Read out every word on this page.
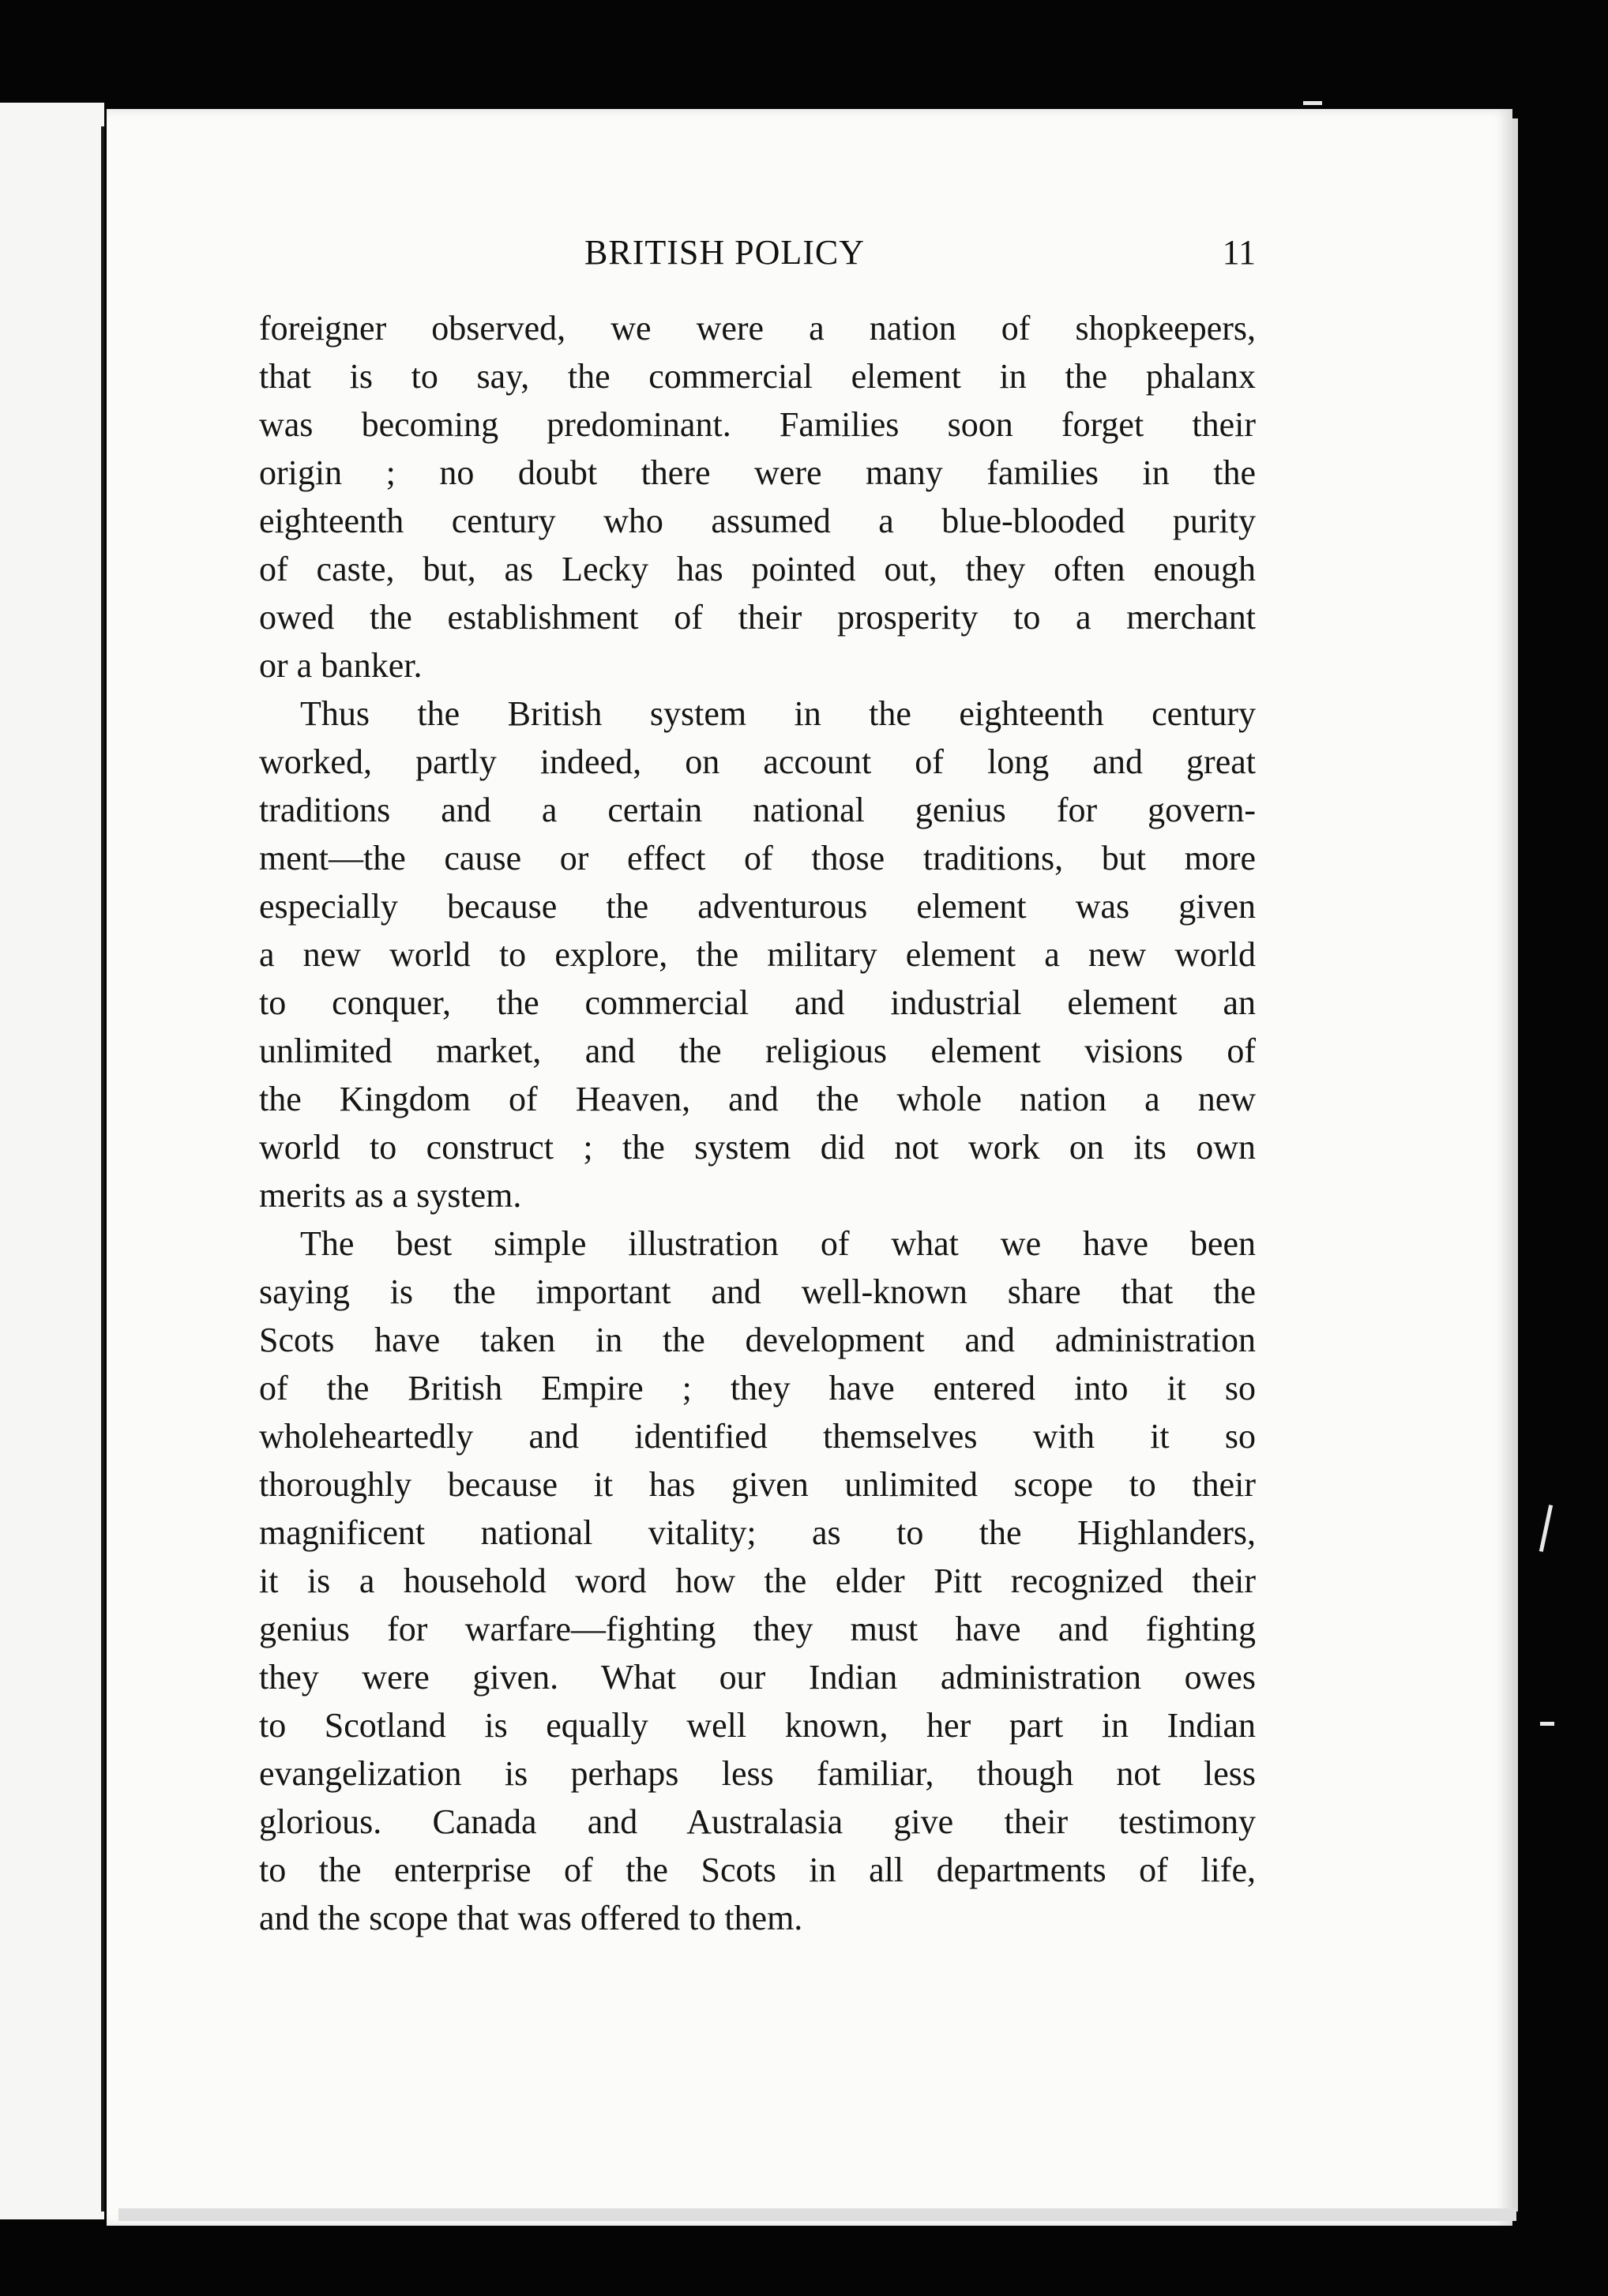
BRITISH POLICY	11
foreigner observed, we were a nation of shopkeepers,
that is to say, the commercial element in the phalanx
was becoming predominant. Families soon forget their
origin ; no doubt there were many families in the
eighteenth century who assumed a blue-blooded purity
of caste, but, as Lecky has pointed out, they often enough
owed the establishment of their prosperity to a merchant
or a banker.
Thus the British system in the eighteenth century
worked, partly indeed, on account of long and great
traditions and a certain national genius for govern-
ment—the cause or effect of those traditions, but more
especially because the adventurous element was given
a new world to explore, the military element a new world
to conquer, the commercial and industrial element an
unlimited market, and the religious element visions of
the Kingdom of Heaven, and the whole nation a new
world to construct ; the system did not work on its own
merits as a system.
The best simple illustration of what we have been
saying is the important and well-known share that the
Scots have taken in the development and administration
of the British Empire ; they have entered into it so
wholeheartedly and identified themselves with it so
thoroughly because it has given unlimited scope to their
magnificent national vitality; as to the Highlanders,
it is a household word how the elder Pitt recognized their
genius for warfare—fighting they must have and fighting
they were given. What our Indian administration owes
to Scotland is equally well known, her part in Indian
evangelization is perhaps less familiar, though not less
glorious. Canada and Australasia give their testimony
to the enterprise of the Scots in all departments of life,
and the scope that was offered to them.
